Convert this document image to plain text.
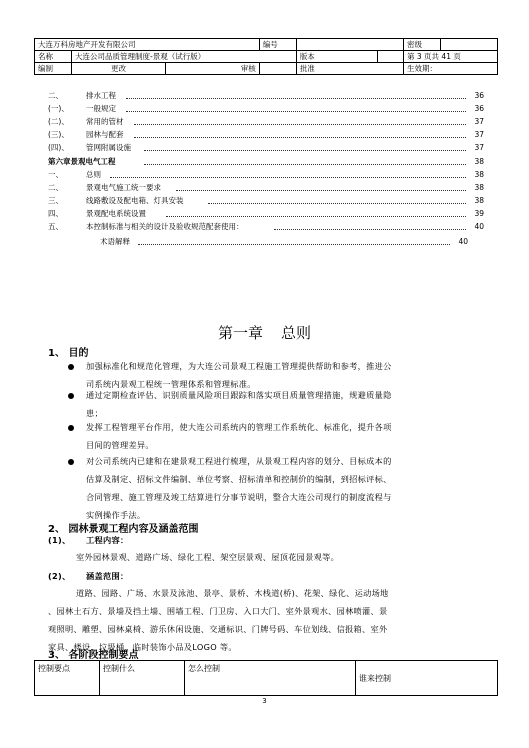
大连万科房地产开发有限公司			编号			密级	
名称	大连公司品质管理制度-景观（试行版）			版本		第 3 页共 41 页	
编制	更改	审核		批准		生效期：	
二、	排水工程	36
(一)、 一般规定	36
(二)、 常用的管材	37
(三)、 园林与配套	37
(四)、 管网附属设施	37
第六章景观电气工程	38
一、	总则	38
二、	景观电气施工统一要求	38
三、	线路敷设及配电箱、灯具安装	38
四、	景观配电系统设置	39
五、	本控制标准与相关的设计及验收规范配套使用：	40
术语解释	40
第一章 总则
1、 目的
加强标准化和规范化管理，为大连公司景观工程施工管理提供帮助和参考，推进公
司系统内景观工程统一管理体系和管理标准。
通过定期检查评估、识别质量风险项目跟踪和落实项目质量管理措施，规避质量隐
患；
发挥工程管理平台作用，使大连公司系统内的管理工作系统化、标准化，提升各项
目间的管理差异。
对公司系统内已建和在建景观工程进行梳理，从景观工程内容的划分、目标成本的
估算及制定、招标文件编制、单位考察、招标清单和控制价的编制，到招标评标、
合同管理、施工管理及竣工结算进行分事节说明，整合大连公司现行的制度流程与
实例操作手法。
2、 园林景观工程内容及涵盖范围
(1)、 工程内容：
室外园林景观、道路广场、绿化工程、架空层景观、屋顶花园景观等。
(2)、 涵盖范围：
道路、园路、广场、水景及泳池、景亭、景桥、木栈道(桥)、花架、绿化、运动场地
、园林土石方、景墙及挡土墙、围墙工程、门卫房、入口大门、室外景观水、园林喷灌、景
观照明、雕塑、园林桌椅、游乐休闲设施、交通标识、门牌号码、车位划线、信报箱、室外
家具、楼设、垃圾桶、临时装饰小品及LOGO 等。
3、 各阶段控制要点
控制要点	控制什么	怎么控制	谁来控制
3
